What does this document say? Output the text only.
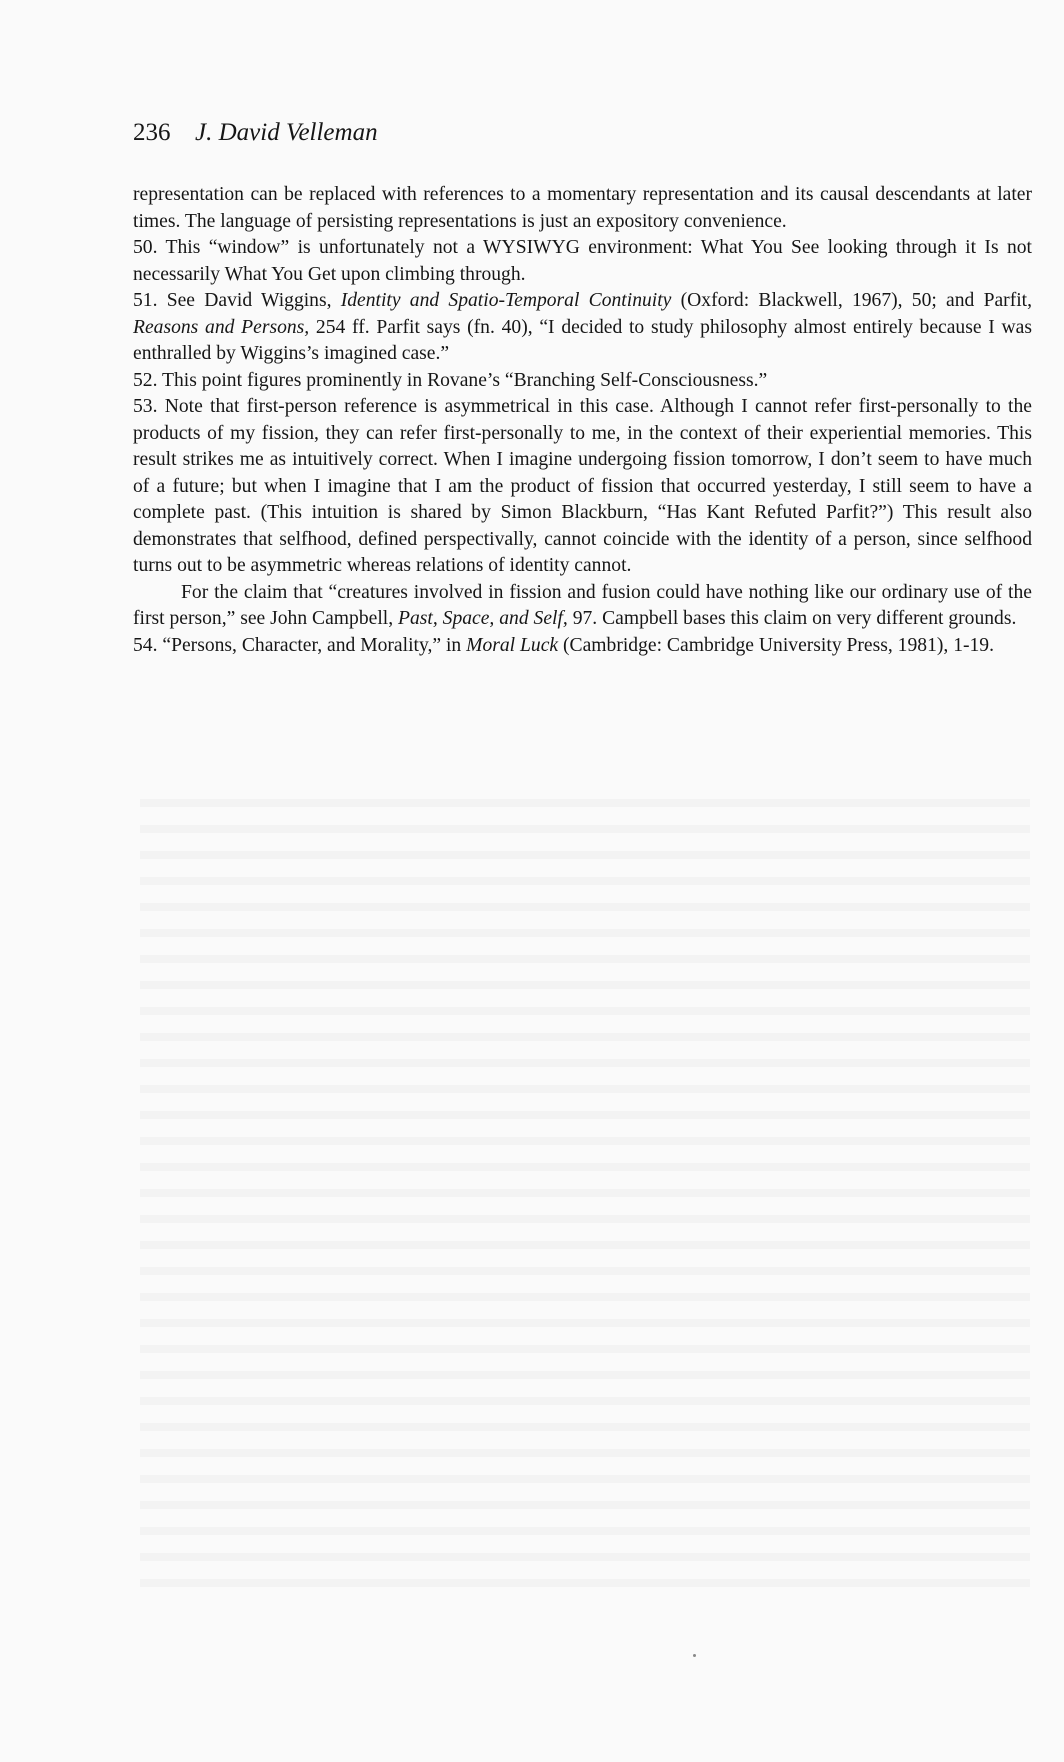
236 J. David Velleman

representation can be replaced with references to a momentary representation and its causal descendants at later times. The language of persisting representations is just an expository convenience.

50. This “window” is unfortunately not a WYSIWYG environment: What You See looking through it Is not necessarily What You Get upon climbing through.

51. See David Wiggins, Identity and Spatio-Temporal Continuity (Oxford: Blackwell, 1967), 50; and Parfit, Reasons and Persons, 254 ff. Parfit says (fn. 40), “I decided to study philosophy almost entirely because I was enthralled by Wiggins’s imagined case.”

52. This point figures prominently in Rovane’s “Branching Self-Consciousness.”

53. Note that first-person reference is asymmetrical in this case. Although I cannot refer first-personally to the products of my fission, they can refer first-personally to me, in the context of their experiential memories. This result strikes me as intuitively correct. When I imagine undergoing fission tomorrow, I don’t seem to have much of a future; but when I imagine that I am the product of fission that occurred yesterday, I still seem to have a complete past. (This intuition is shared by Simon Blackburn, “Has Kant Refuted Parfit?”) This result also demonstrates that selfhood, defined perspectivally, cannot coincide with the identity of a person, since selfhood turns out to be asymmetric whereas relations of identity cannot.

For the claim that “creatures involved in fission and fusion could have nothing like our ordinary use of the first person,” see John Campbell, Past, Space, and Self, 97. Campbell bases this claim on very different grounds.

54. “Persons, Character, and Morality,” in Moral Luck (Cambridge: Cambridge University Press, 1981), 1-19.
